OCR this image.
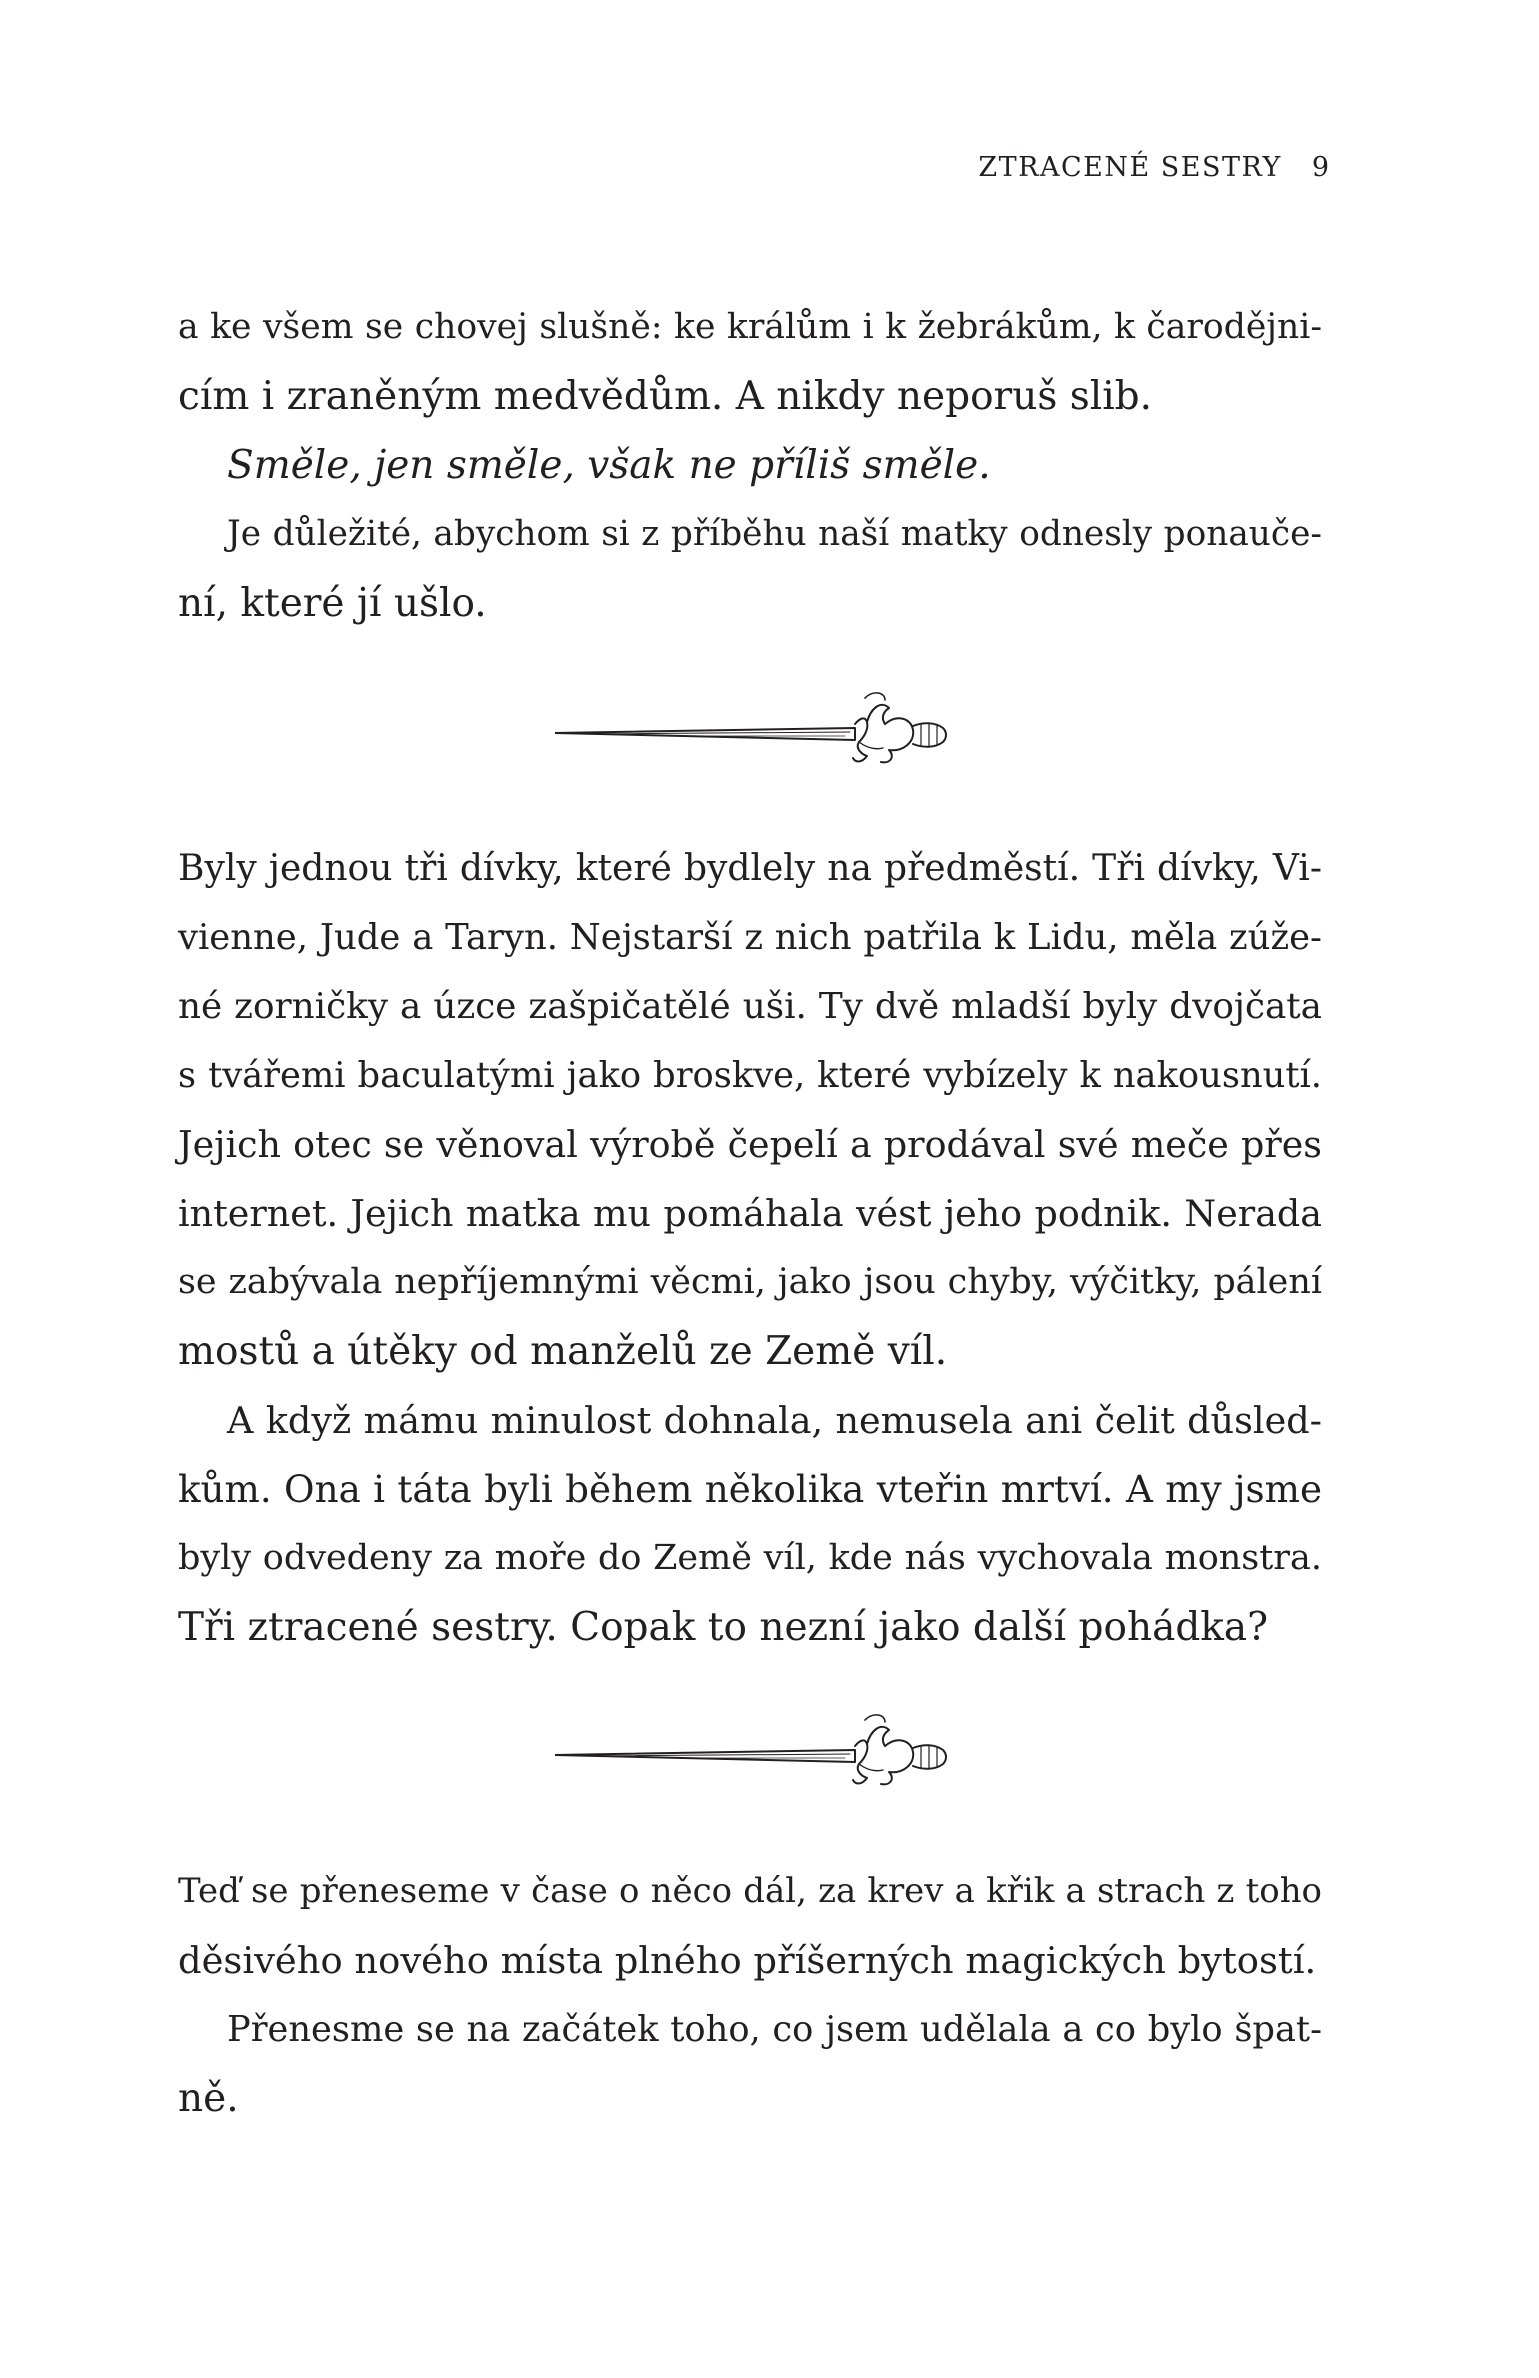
ZTRACENÉ SESTRY 9
a ke všem se chovej slušně: ke králům i k žebrákům, k čarodějni-
cím i zraněným medvědům. A nikdy neporuš slib.
Směle, jen směle, však ne příliš směle.
Je důležité, abychom si z příběhu naší matky odnesly ponauče-
ní, které jí ušlo.
Byly jednou tři dívky, které bydlely na předměstí. Tři dívky, Vi-
vienne, Jude a Taryn. Nejstarší z nich patřila k Lidu, měla zúže-
né zorničky a úzce zašpičatělé uši. Ty dvě mladší byly dvojčata
s tvářemi baculatými jako broskve, které vybízely k nakousnutí.
Jejich otec se věnoval výrobě čepelí a prodával své meče přes
internet. Jejich matka mu pomáhala vést jeho podnik. Nerada
se zabývala nepříjemnými věcmi, jako jsou chyby, výčitky, pálení
mostů a útěky od manželů ze Země víl.
A když mámu minulost dohnala, nemusela ani čelit důsled-
kům. Ona i táta byli během několika vteřin mrtví. A my jsme
byly odvedeny za moře do Země víl, kde nás vychovala monstra.
Tři ztracené sestry. Copak to nezní jako další pohádka?
Teď se přeneseme v čase o něco dál, za krev a křik a strach z toho
děsivého nového místa plného příšerných magických bytostí.
Přenesme se na začátek toho, co jsem udělala a co bylo špat-
ně.
